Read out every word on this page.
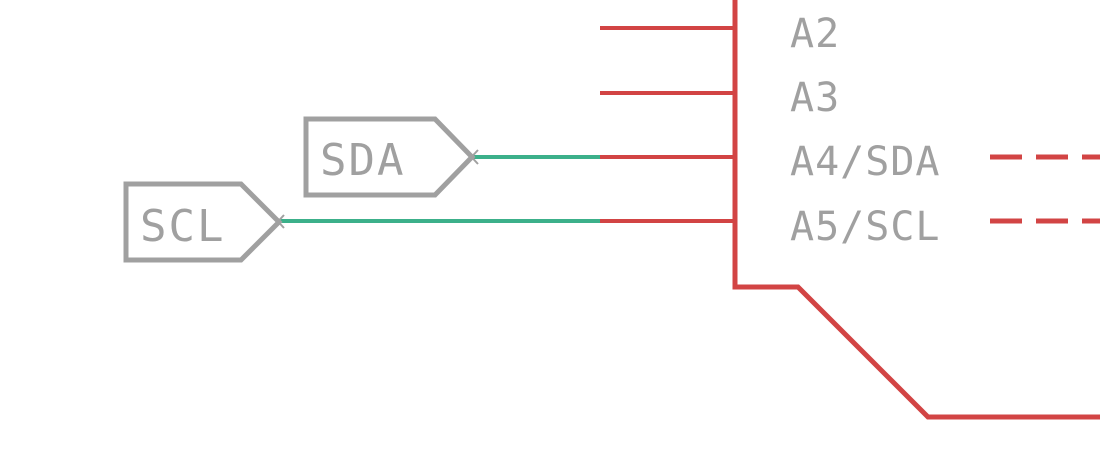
A2
A3
A4/SDA
A5/SCL
SDA
SCL
